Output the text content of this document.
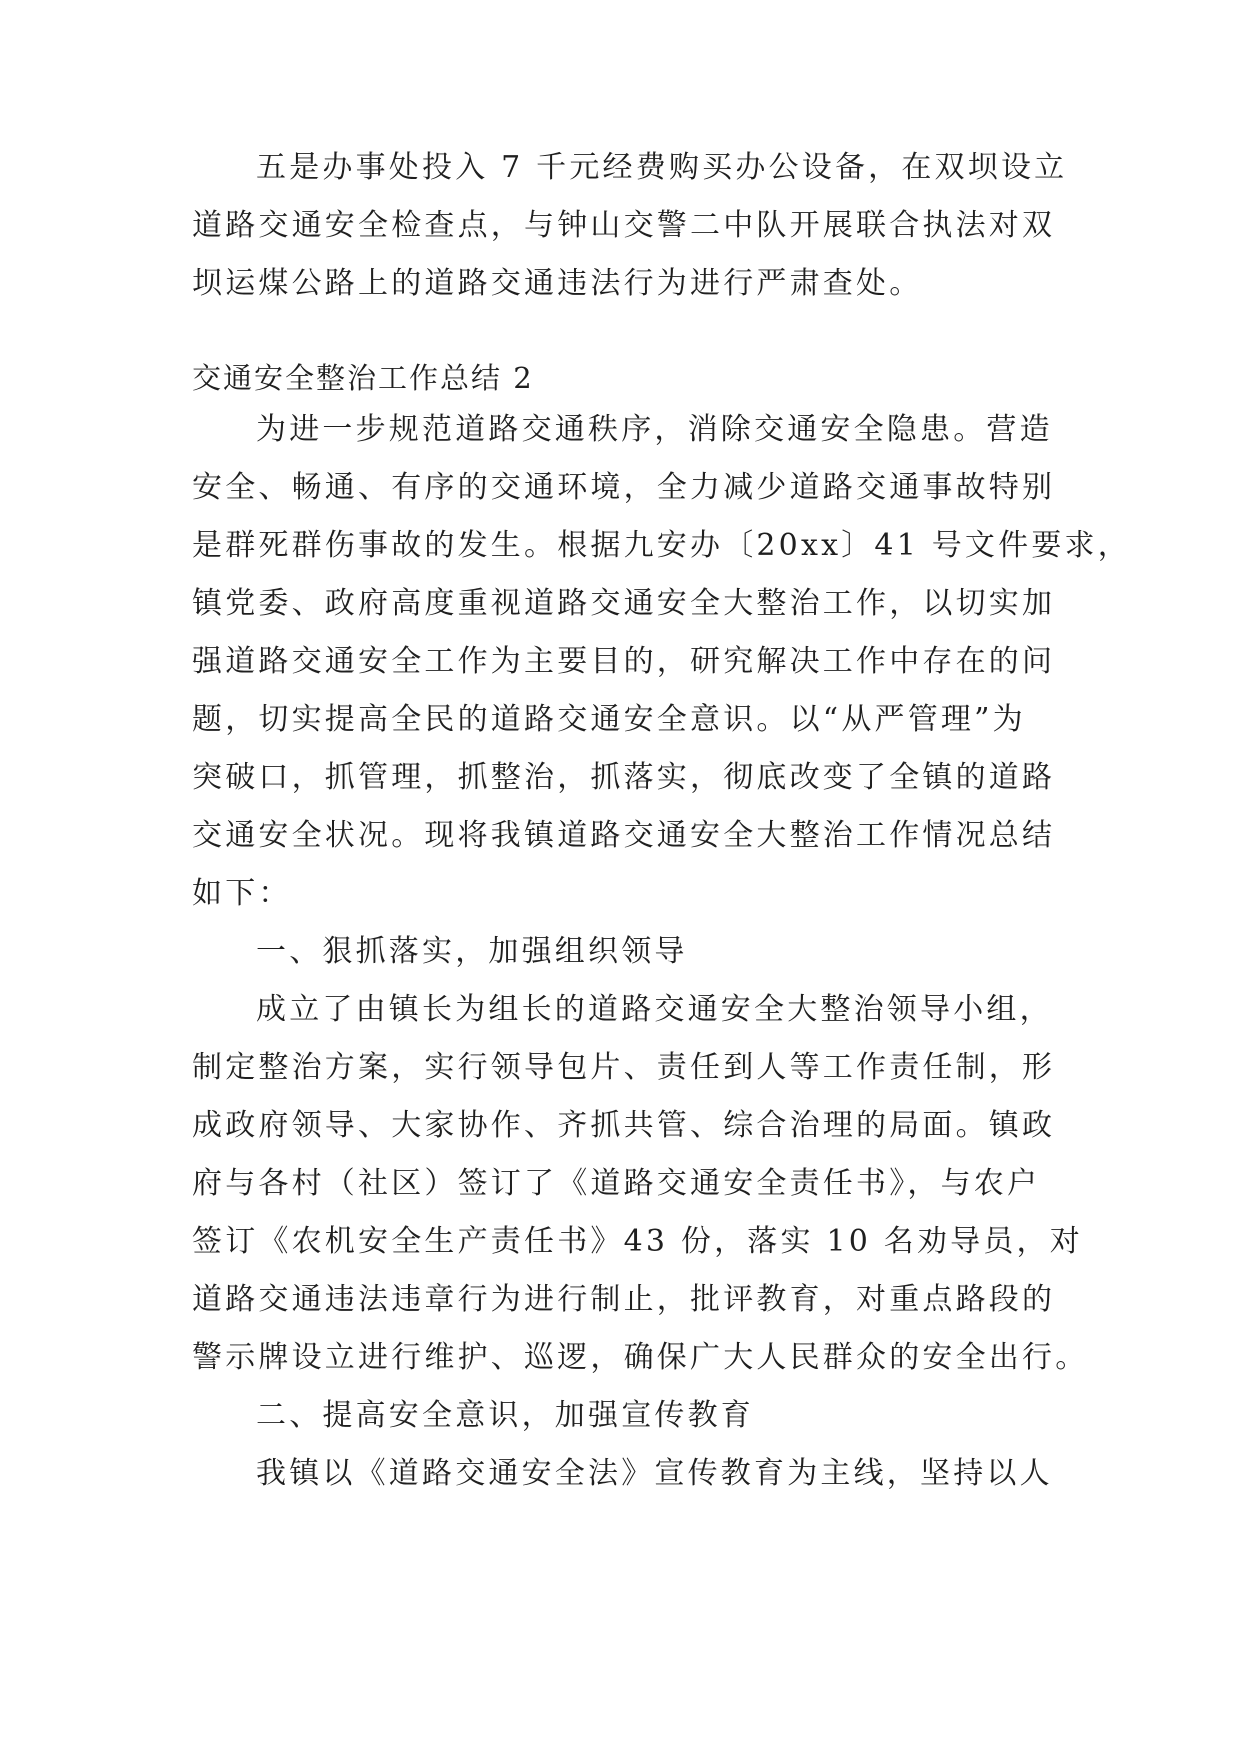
五是办事处投入 7 千元经费购买办公设备，在双坝设立
道路交通安全检查点，与钟山交警二中队开展联合执法对双
坝运煤公路上的道路交通违法行为进行严肃查处。
交通安全整治工作总结 2
为进一步规范道路交通秩序，消除交通安全隐患。营造
安全、畅通、有序的交通环境，全力减少道路交通事故特别
是群死群伤事故的发生。根据九安办〔20xx〕41 号文件要求，
镇党委、政府高度重视道路交通安全大整治工作，以切实加
强道路交通安全工作为主要目的，研究解决工作中存在的问
题，切实提高全民的道路交通安全意识。以“从严管理”为
突破口，抓管理，抓整治，抓落实，彻底改变了全镇的道路
交通安全状况。现将我镇道路交通安全大整治工作情况总结
如下：
一、狠抓落实，加强组织领导
成立了由镇长为组长的道路交通安全大整治领导小组，
制定整治方案，实行领导包片、责任到人等工作责任制，形
成政府领导、大家协作、齐抓共管、综合治理的局面。镇政
府与各村（社区）签订了《道路交通安全责任书》，与农户
签订《农机安全生产责任书》43 份，落实 10 名劝导员，对
道路交通违法违章行为进行制止，批评教育，对重点路段的
警示牌设立进行维护、巡逻，确保广大人民群众的安全出行。
二、提高安全意识，加强宣传教育
我镇以《道路交通安全法》宣传教育为主线，坚持以人
